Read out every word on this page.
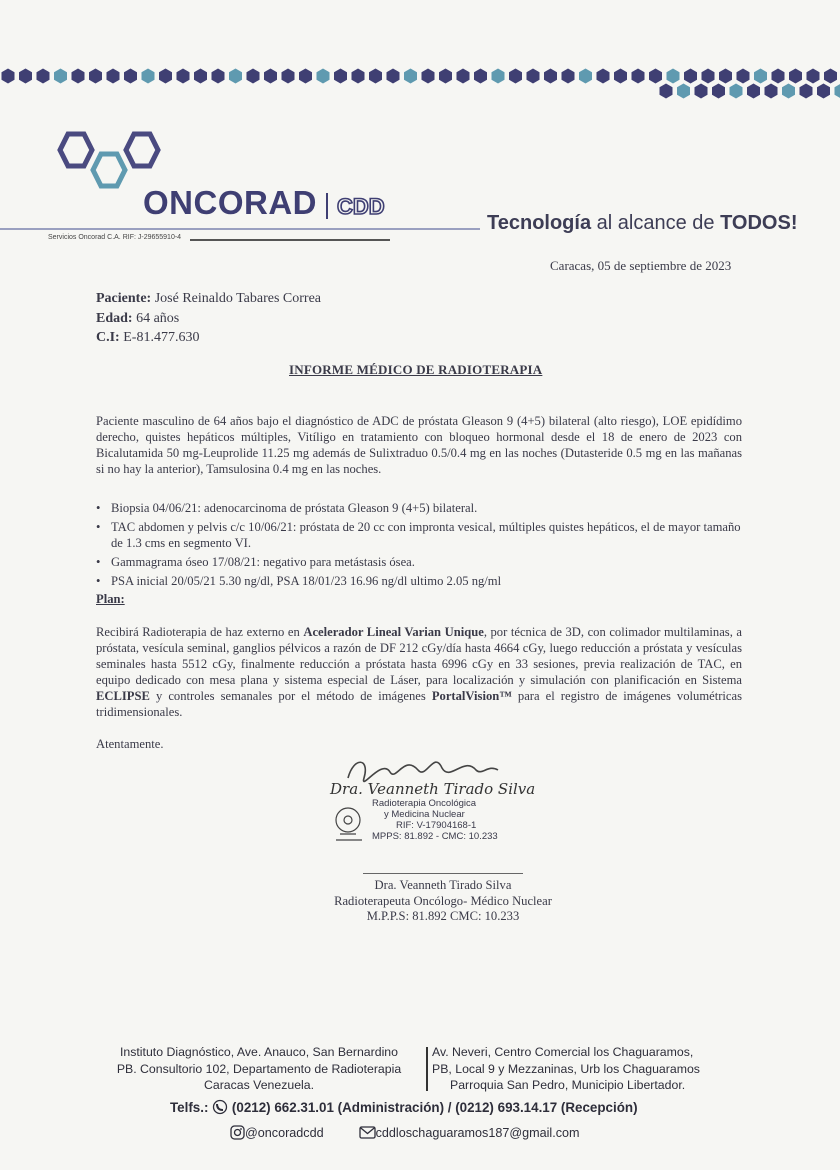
ONCORAD CDD
Servicios Oncorad C.A. RIF: J-29655910-4
Tecnología al alcance de TODOS!
Caracas, 05 de septiembre de 2023
Paciente: José Reinaldo Tabares Correa
Edad: 64 años
C.I: E-81.477.630
INFORME MÉDICO DE RADIOTERAPIA
Paciente masculino de 64 años bajo el diagnóstico de ADC de próstata Gleason 9 (4+5) bilateral (alto riesgo), LOE epidídimo derecho, quistes hepáticos múltiples, Vitíligo en tratamiento con bloqueo hormonal desde el 18 de enero de 2023 con Bicalutamida 50 mg-Leuprolide 11.25 mg además de Sulixtraduo 0.5/0.4 mg en las noches (Dutasteride 0.5 mg en las mañanas si no hay la anterior), Tamsulosina 0.4 mg en las noches.
• Biopsia 04/06/21: adenocarcinoma de próstata Gleason 9 (4+5) bilateral.
• TAC abdomen y pelvis c/c 10/06/21: próstata de 20 cc con impronta vesical, múltiples quistes hepáticos, el de mayor tamaño de 1.3 cms en segmento VI.
• Gammagrama óseo 17/08/21: negativo para metástasis ósea.
• PSA inicial 20/05/21 5.30 ng/dl, PSA 18/01/23 16.96 ng/dl ultimo 2.05 ng/ml
Plan:
Recibirá Radioterapia de haz externo en Acelerador Lineal Varian Unique, por técnica de 3D, con colimador multilaminas, a próstata, vesícula seminal, ganglios pélvicos a razón de DF 212 cGy/día hasta 4664 cGy, luego reducción a próstata y vesículas seminales hasta 5512 cGy, finalmente reducción a próstata hasta 6996 cGy en 33 sesiones, previa realización de TAC, en equipo dedicado con mesa plana y sistema especial de Láser, para localización y simulación con planificación en Sistema ECLIPSE y controles semanales por el método de imágenes PortalVision™ para el registro de imágenes volumétricas tridimensionales.
Atentamente.
Dra. Veanneth Tirado Silva
Radioterapia Oncológica
y Medicina Nuclear
RIF: V-17904168-1
MPPS: 81.892 - CMC: 10.233
Dra. Veanneth Tirado Silva
Radioterapeuta Oncólogo- Médico Nuclear
M.P.P.S: 81.892 CMC: 10.233
Instituto Diagnóstico, Ave. Anauco, San Bernardino
PB. Consultorio 102, Departamento de Radioterapia
Caracas Venezuela.
Av. Neveri, Centro Comercial los Chaguaramos,
PB, Local 9 y Mezzaninas, Urb los Chaguaramos
Parroquia San Pedro, Municipio Libertador.
Telfs.: (0212) 662.31.01 (Administración) / (0212) 693.14.17 (Recepción)
@oncoradcdd	cddloschaguaramos187@gmail.com
